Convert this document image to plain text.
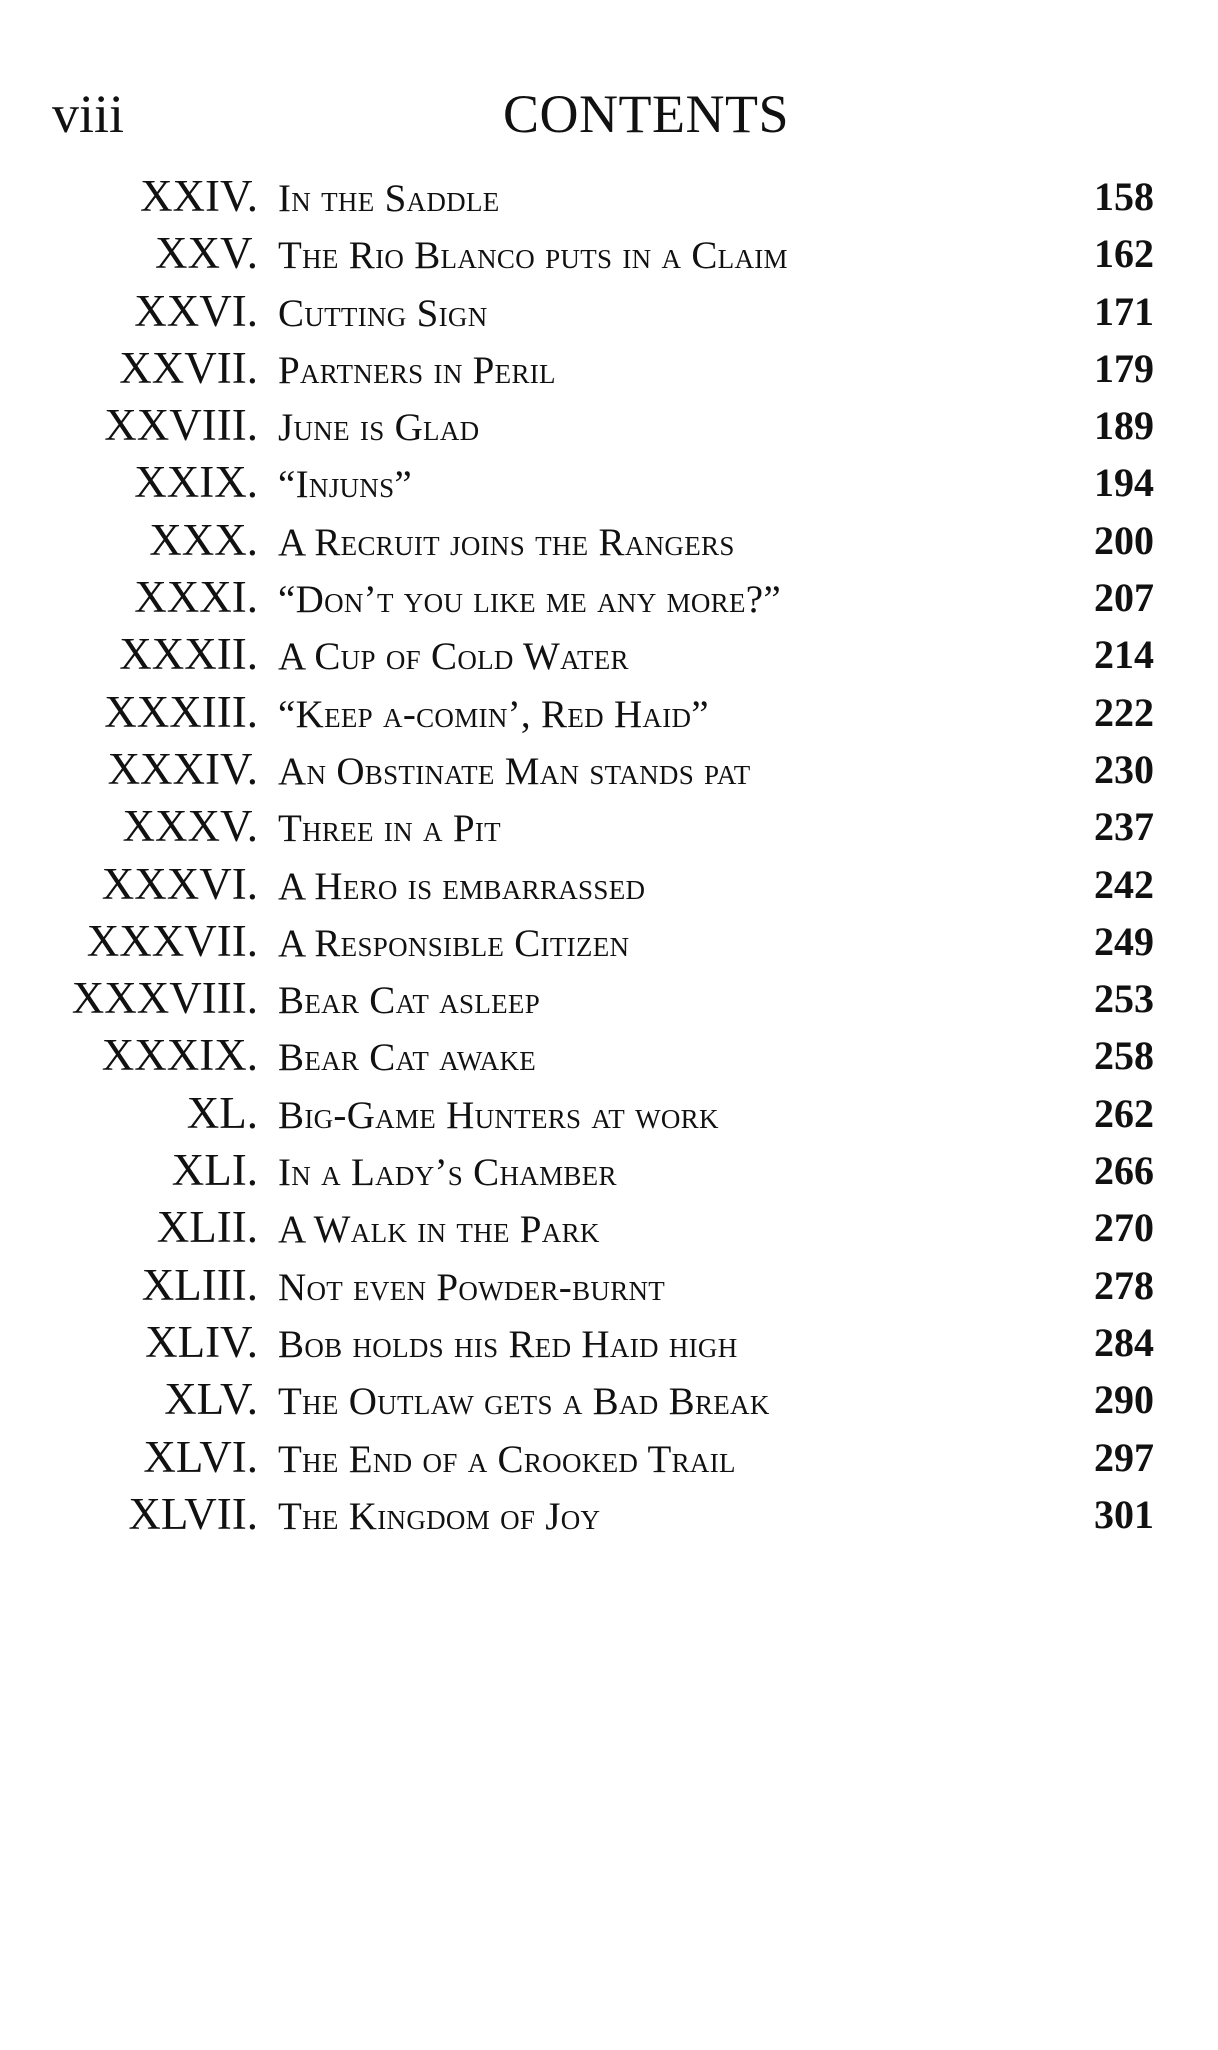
viii	CONTENTS
XXIV. In the Saddle	158
XXV. The Rio Blanco puts in a Claim	162
XXVI. Cutting Sign	171
XXVII. Partners in Peril	179
XXVIII. June is Glad	189
XXIX. “Injuns”	194
XXX. A Recruit joins the Rangers	200
XXXI. “Don’t you like me any more?”	207
XXXII. A Cup of Cold Water	214
XXXIII. “Keep a-comin’, Red Haid”	222
XXXIV. An Obstinate Man stands pat	230
XXXV. Three in a Pit	237
XXXVI. A Hero is embarrassed	242
XXXVII. A Responsible Citizen	249
XXXVIII. Bear Cat asleep	253
XXXIX. Bear Cat awake	258
XL. Big-Game Hunters at work	262
XLI. In a Lady’s Chamber	266
XLII. A Walk in the Park	270
XLIII. Not even Powder-burnt	278
XLIV. Bob holds his Red Haid high	284
XLV. The Outlaw gets a Bad Break	290
XLVI. The End of a Crooked Trail	297
XLVII. The Kingdom of Joy	301
